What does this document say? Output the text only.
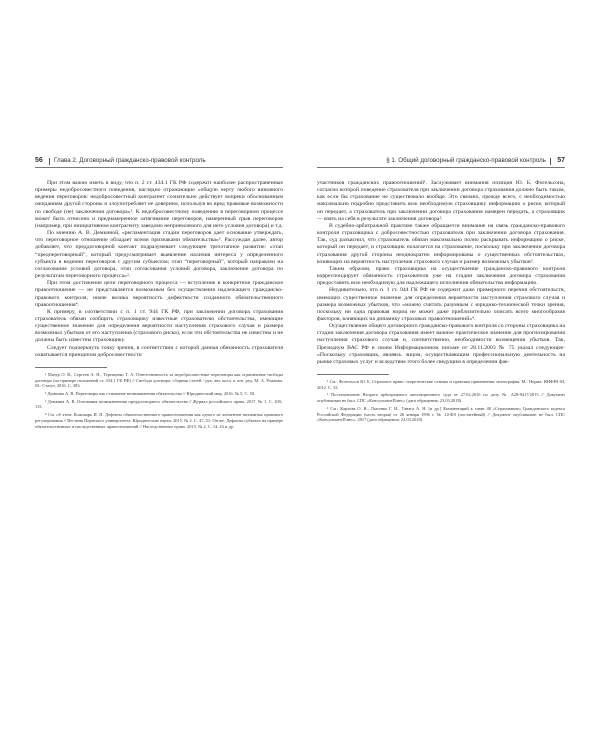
56 Глава 2. Договорный гражданско-правовой контроль

При этом важно иметь в виду, что п. 2 ст. 434.1 ГК РФ содержит наиболее распространенные примеры недобросовестного поведения, наглядно отражающие «общую черту любого виновного ведения переговоров: недобросовестный контрагент сознательно действует вопреки обоснованным ожиданиям другой стороны и злоупотребляет ее доверием, используя во вред правовые возможности по свободе (не) заключения договора»¹. К недобросовестному поведению в переговорном процессе может быть отнесено и преднамеренное затягивание переговоров, намеренный срыв переговоров (например, при инициативном контрагенту заведомо неприемлемого для него условия договора) и т.д.

По мнению А. В. Демкиной, «регламентация стадии переговоров дает основание утверждать, что переговорное отношение обладает всеми признаками обязательства»². Рассуждая далее, автор добавляет, что преддоговорной контакт подразумевает следующее трехэтапное развитие: «этап “предпереговорный”, который предусматривает выявление наличия интереса у определенного субъекта в ведении переговоров с другим субъектом; этап “переговорный”, который направлен на согласование условий договора, этап согласования условий договора, заключение договора по результатам переговорного процесса»³.

При этом достижение цели переговорного процесса — вступление в конкретное гражданское правоотношение — не представляется возможным без осуществления надлежащего гражданско-правового контроля, иначе велика вероятность дефектности созданного обязательственного правоотношения⁴.

К примеру, в соответствии с п. 1 ст. 944 ГК РФ, при заключении договора страхования страхователь обязан сообщить страховщику известные страхователю обстоятельства, имеющие существенное значение для определения вероятности наступления страхового случая и размера возможных убытков от его наступления (страхового риска), если эти обстоятельства не известны и не должны быть известны страховщику.

Следует подчеркнуть точку зрения, в соответствии с которой данная обязанность страхователя охватывается принципом добросовестности

¹ Мазур О. В., Сергеев А. Н., Терещенко Т. А. Ответственность за недобросовестные переговоры как ограничение свободы договора (на примере положений ст. 434.1 ГК РФ) // Свобода договора: сборник статей / рук. авт. колл. и отв. ред. М. А. Рожкова. М.: Статут, 2016. С. 383.

² Демкина А. В. Переговоры как основание возникновения обязательства // Юридический мир. 2016. № 5. С. 58.

³ Демкина А. В. Основания возникновения преддоговорного обязательства // Журнал российского права. 2017. № 1. С. 109–115.

⁴ См. об этом: Кожокарь И. П. Дефекты обязательственного правоотношения как одного из элементов механизма правового регулирования // Вестник Пермского университета. Юридические науки. 2015. № 2. С. 47–51; Он же. Дефекты субъекта на примере обязательственных и наследственных правоотношений // Наследственное право. 2015. № 2. С. 14–16 и др.

§ 1. Общий договорный гражданско-правовой контроль 57

участников гражданских правоотношений¹. Заслуживает внимания позиция Ю. Б. Фогельсона, согласно которой поведение страхователя при заключении договора страхования должно быть таким, как если бы страхование не существовало вообще. Это связано, прежде всего, с необходимостью максимально подробно представить всю необходимую страховщику информацию о риске, который он передает, а страхователь при заключении договора страхования намерен передать, а страховщик — взять на себя в результате заключения договора².

В судебно-арбитражной практике также обращается внимание на связь гражданско-правового контроля страховщика с добросовестностью страхователя при заключении договора страхования. Так, суд разъяснил, что страхователь обязан максимально полно раскрывать информацию о риске, который он передает, и страховщик полагается на страхование, поскольку при заключении договора страхования другой стороны неоднократно информированы о существенных обстоятельствах, влияющих на вероятность наступления страхового случая и размер возможных убытков³.

Таким образом, право страховщика на осуществление гражданско-правового контроля корреспондирует обязанность страхователя уже на стадии заключения договора страхования предоставить всю необходимую для надлежащего исполнения обязательства информацию.

Неудивительно, что п. 1 ст. 944 ГК РФ не содержит даже примерного перечня обстоятельств, имеющих существенное значение для определения вероятности наступления страхового случая и размера возможных убытков, что «можно считать разумным с юридико-технической точки зрения, поскольку ни одна правовая норма не может даже приблизительно описать всего многообразия факторов, влияющих на динамику страховых правоотношений»⁴.

Осуществление общего договорного гражданско-правового контроля со стороны страховщика на стадии заключения договора страхования имеет важное практическое значение для прогнозирования наступления страхового случая и, соответственно, необходимости возмещения убытков. Так, Президиум ВАС РФ в своем Информационном письме от 28.11.2003 № 75 указал следующее: «Поскольку страховщик, являясь лицом, осуществляющим профессиональную деятельность на рынке страховых услуг и вследствие этого более сведущим в определении фак-

¹ См.: Фогельсон Ю. Б. Страховое право: теоретические основы и практика применения: монография. М.: Норма: ИНФРА-М, 2012. С. 33.

² Постановление Второго арбитражного апелляционного суда от 27.04.2016 по делу № А28-9417/2015 // Документ опубликован не был. СПС «КонсультантПлюс» (дата обращения: 23.03.2018).

³ См.: Кархова О. В., Лысенко Г. Н., Танага А. Н. [и др.] Комментарий к главе 48 «Страхование» Гражданского кодекса Российской Федерации (часть вторая) от 26 января 1996 г. № 14-ФЗ (постатейный) // Документ опубликован не был. СПС «КонсультантПлюс», 2017 (дата обращения: 23.03.2018).
